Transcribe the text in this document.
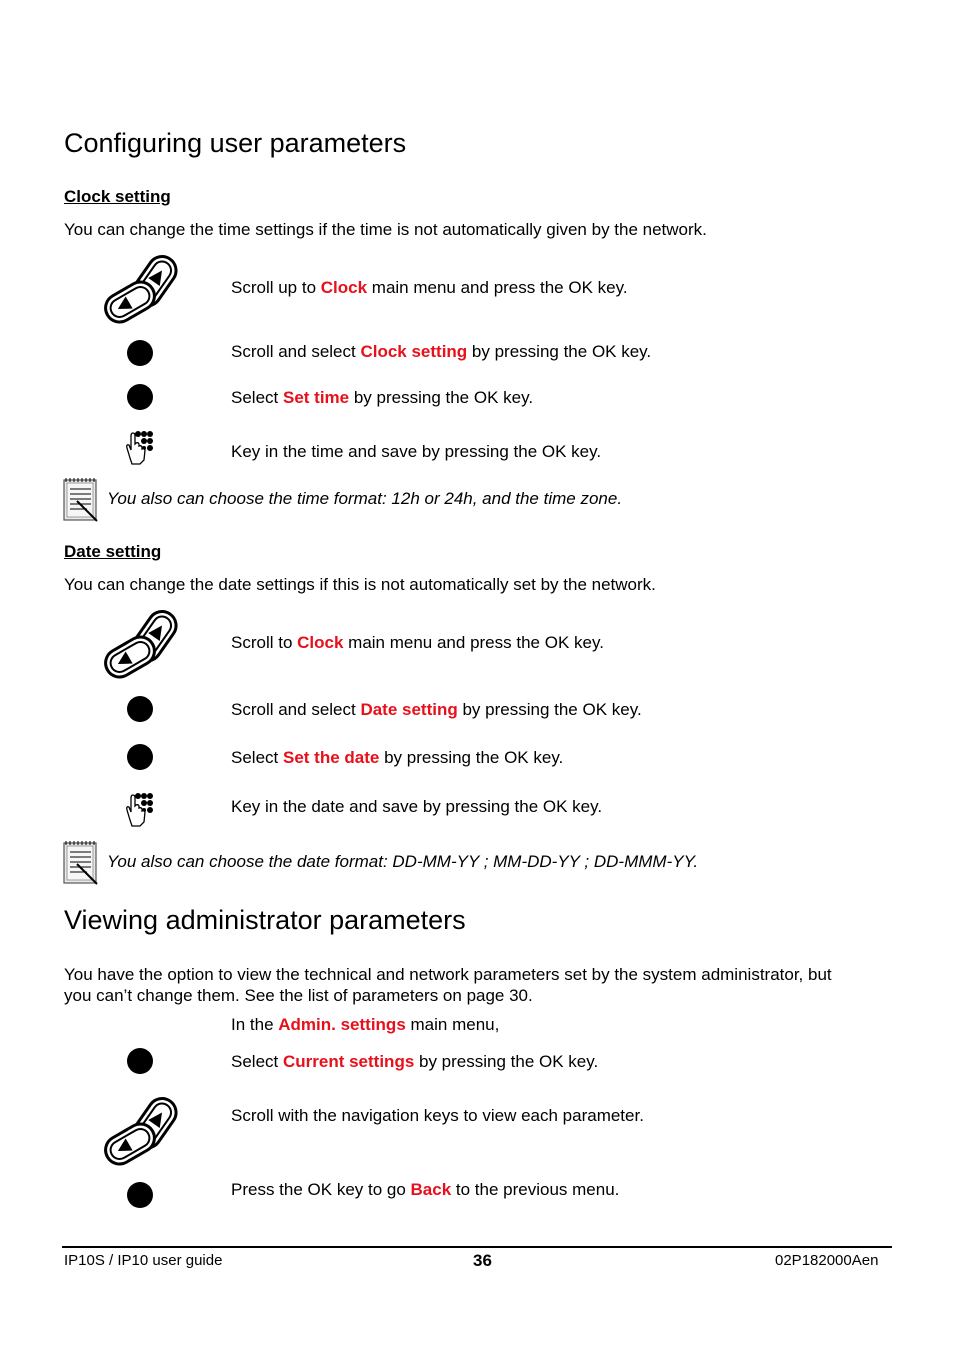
Configuring user parameters
Clock setting

You can change the time settings if the time is not automatically given by the network.

Scroll up to Clock main menu and press the OK key.
Scroll and select Clock setting by pressing the OK key.
Select Set time by pressing the OK key.
Key in the time and save by pressing the OK key.
You also can choose the time format: 12h or 24h, and the time zone.
Date setting

You can change the date settings if this is not automatically set by the network.

Scroll to Clock main menu and press the OK key.
Scroll and select Date setting by pressing the OK key.
Select Set the date by pressing the OK key.
Key in the date and save by pressing the OK key.
You also can choose the date format: DD-MM-YY ; MM-DD-YY ; DD-MMM-YY.
Viewing administrator parameters

You have the option to view the technical and network parameters set by the system administrator, but

you can’t change them. See the list of parameters on page 30.

In the Admin. settings main menu,
Select Current settings by pressing the OK key.
Scroll with the navigation keys to view each parameter.
Press the OK key to go Back to the previous menu.
IP10S / IP10 user guide	36	02P182000Aen
